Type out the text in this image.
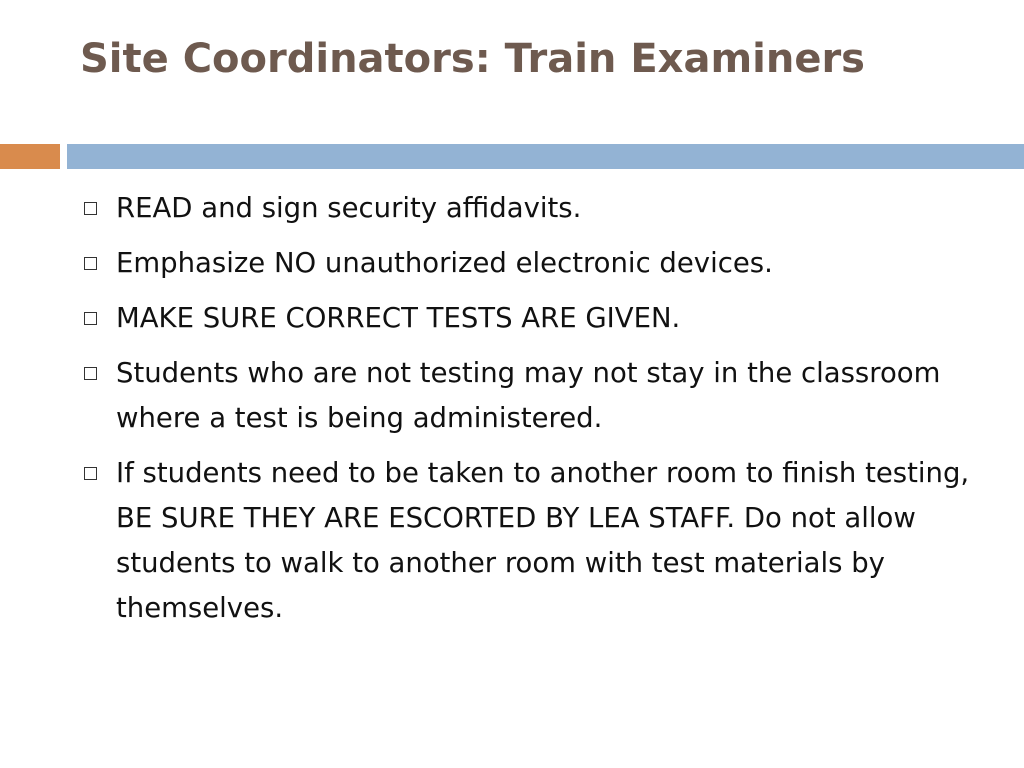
Site Coordinators: Train Examiners
READ and sign security affidavits.
Emphasize NO unauthorized electronic devices.
MAKE SURE CORRECT TESTS ARE GIVEN.
Students who are not testing may not stay in the classroom where a test is being administered.
If students need to be taken to another room to finish testing, BE SURE THEY ARE ESCORTED BY LEA STAFF. Do not allow students to walk to another room with test materials by themselves.
